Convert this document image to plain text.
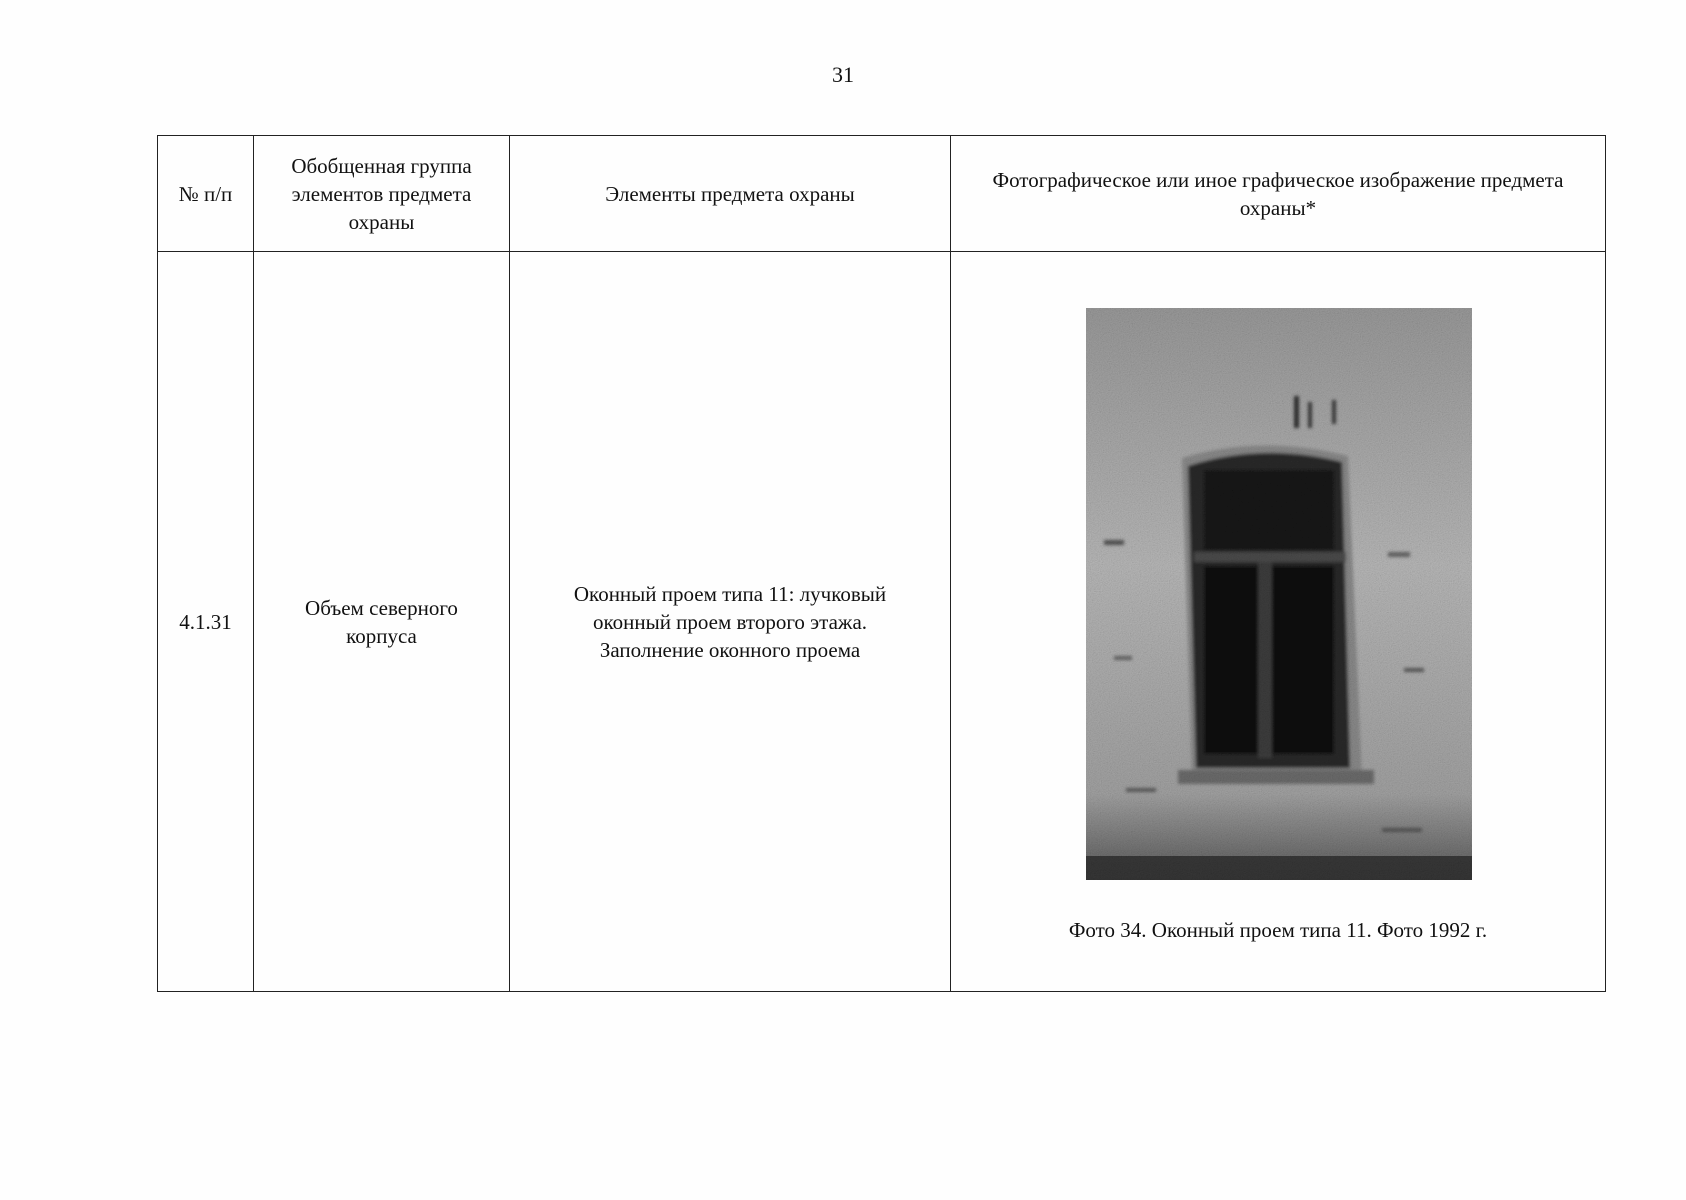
31
№ п/п	Обобщенная группа элементов предмета охраны	Элементы предмета охраны	Фотографическое или иное графическое изображение предмета охраны*
4.1.31	Объем северного корпуса	Оконный проем типа 11: лучковый оконный проем второго этажа. Заполнение оконного проема	Фото 34. Оконный проем типа 11. Фото 1992 г.
